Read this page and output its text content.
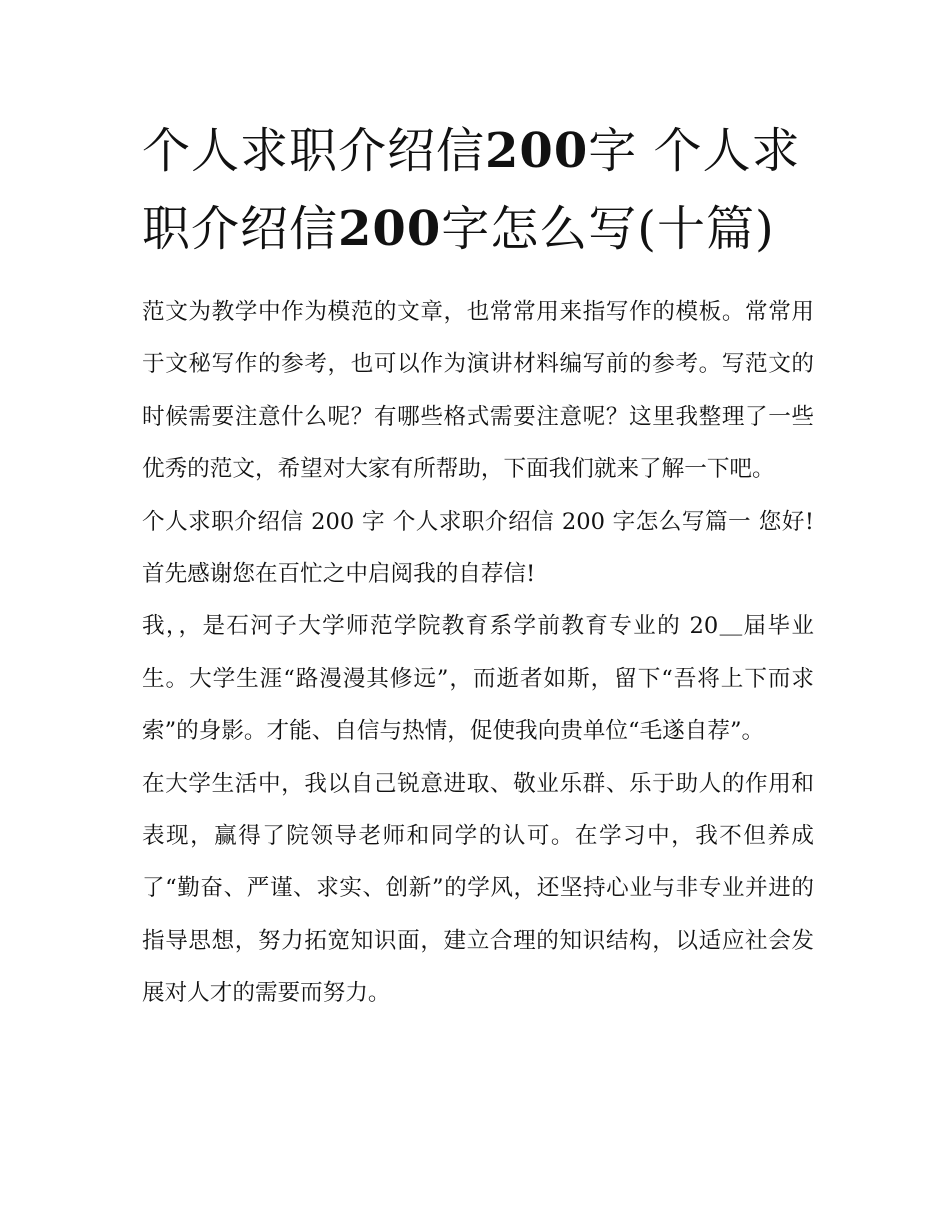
个人求职介绍信200字 个人求职介绍信200字怎么写(十篇)

范文为教学中作为模范的文章，也常常用来指写作的模板。常常用于文秘写作的参考，也可以作为演讲材料编写前的参考。写范文的时候需要注意什么呢？有哪些格式需要注意呢？这里我整理了一些优秀的范文，希望对大家有所帮助，下面我们就来了解一下吧。

个人求职介绍信 200 字 个人求职介绍信 200 字怎么写篇一 您好! 首先感谢您在百忙之中启阅我的自荐信!

我，，是石河子大学师范学院教育系学前教育专业的 20＿届毕业生。大学生涯“路漫漫其修远”，而逝者如斯，留下“吾将上下而求索”的身影。才能、自信与热情，促使我向贵单位“毛遂自荐”。

在大学生活中，我以自己锐意进取、敬业乐群、乐于助人的作用和表现，赢得了院领导老师和同学的认可。在学习中，我不但养成了“勤奋、严谨、求实、创新”的学风，还坚持心业与非专业并进的指导思想，努力拓宽知识面，建立合理的知识结构，以适应社会发展对人才的需要而努力。
